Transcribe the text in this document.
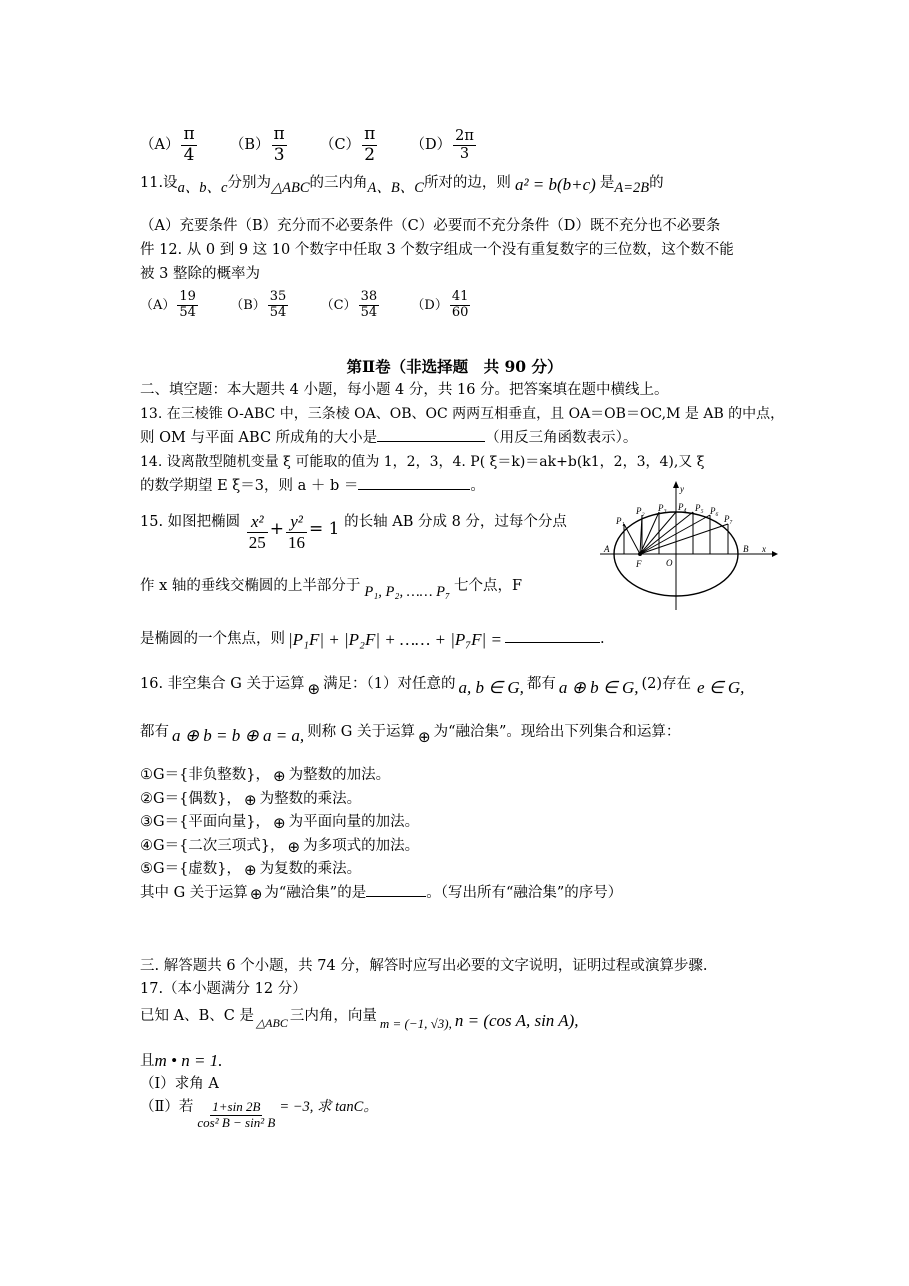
$(A) \frac{\pi}{4} (B) \frac{\pi}{3} (C) \frac{\pi}{2} (D) \frac{2\pi}{3}$
11.设a、b、c分别为△ABC的三内角A、B、C所对的边，则 a² = b(b+c) 是A=2B的
（A）充要条件（B）充分而不必要条件（C）必要而不充分条件（D）既不充分也不必要条
件 12. 从 0 到 9 这 10 个数字中任取 3 个数字组成一个没有重复数字的三位数，这个数不能
被 3 整除的概率为
$(A) \frac{19}{54} (B) \frac{35}{54} (C) \frac{38}{54} (D) \frac{41}{60}$
第Ⅱ卷（非选择题　共 90 分）
二、填空题：本大题共 4 小题，每小题 4 分，共 16 分。把答案填在题中横线上。
13. 在三棱锥 O-ABC 中，三条棱 OA、OB、OC 两两互相垂直，且 OA＝OB＝OC,M 是 AB 的中点，
则 OM 与平面 ABC 所成角的大小是	（用反三角函数表示）。
14. 设离散型随机变量 ξ 可能取的值为 1，2，3，4. P( ξ＝k)＝ak+b(k1，2，3，4),又 ξ
的数学期望 E ξ＝3，则 a ＋ b ＝	。
15. 如图把椭圆 $\frac{\text{x²}}{25} + \frac{\text{y²}}{16} = 1$ 的长轴 AB 分成 8 分，过每个分点
作 x 轴的垂线交椭圆的上半部分于 P₁, P₂, …… P₇ 七个点，F
是椭圆的一个焦点，则 |P₁F| + |P₂F| + …… + |P₇F| =	.
y
x
A	B
F	O
P₁
P₂ P₃ P₄ P₅ P₆
P₇
16. 非空集合 G 关于运算 ⊕ 满足：（1）对任意的 a, b ∈ G, 都有 a ⊕ b ∈ G, (2)存在 e ∈ G,
都有 a ⊕ b = b ⊕ a = a, 则称 G 关于运算 ⊕ 为“融洽集”。现给出下列集合和运算：
①G＝{非负整数}， ⊕ 为整数的加法。
②G＝{偶数}， ⊕ 为整数的乘法。
③G＝{平面向量}， ⊕ 为平面向量的加法。
④G＝{二次三项式}， ⊕ 为多项式的加法。
⑤G＝{虚数}， ⊕ 为复数的乘法。
其中 G 关于运算 ⊕ 为“融洽集”的是	。（写出所有“融洽集”的序号）
三. 解答题共 6 个小题，共 74 分，解答时应写出必要的文字说明，证明过程或演算步骤.
17.（本小题满分 12 分）
已知 A、B、C 是 $_{\triangle ABC}$ 三内角，向量 m = (−1, √3), n = (cos A, sin A),
且m • n = 1.
（Ⅰ）求角 A
（Ⅱ）若 $\frac{1+\sin 2B}{\text{cos² B − sin² B}} = -3$, 求 tanC。
